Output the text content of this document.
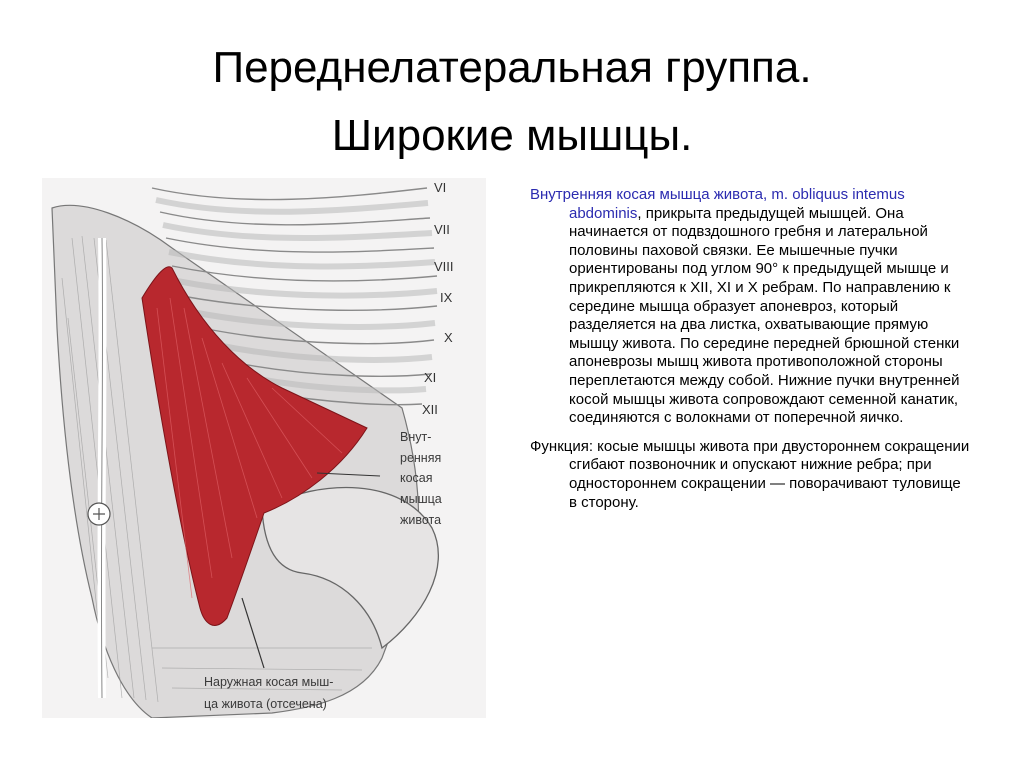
Переднелатеральная группа.
Широкие мышцы.
VI
VII
VIII
IX
X
XI
XII
Внут-
ренняя
косая
мышца
живота
Наружная косая мыш-
ца живота (отсечена)

Внутренняя косая мышца живота, m. obliquus intemus abdominis, прикрыта предыдущей мышцей. Она начинается от подвздошного гребня и латеральной половины паховой связки. Ее мышечные пучки ориентированы под углом 90° к предыдущей мышце и прикрепляются к XII, XI и X ребрам. По направлению к середине мышца образует апоневроз, который разделяется на два листка, охватывающие прямую мышцу живота. По середине передней брюшной стенки апоневрозы мышц живота противоположной стороны переплетаются между собой. Нижние пучки внутренней косой мышцы живота сопровождают семенной канатик, соединяются с волокнами от поперечной яичко.

Функция: косые мышцы живота при двустороннем сокращении сгибают позвоночник и опускают нижние ребра; при одностороннем сокращении — поворачивают туловище в сторону.
